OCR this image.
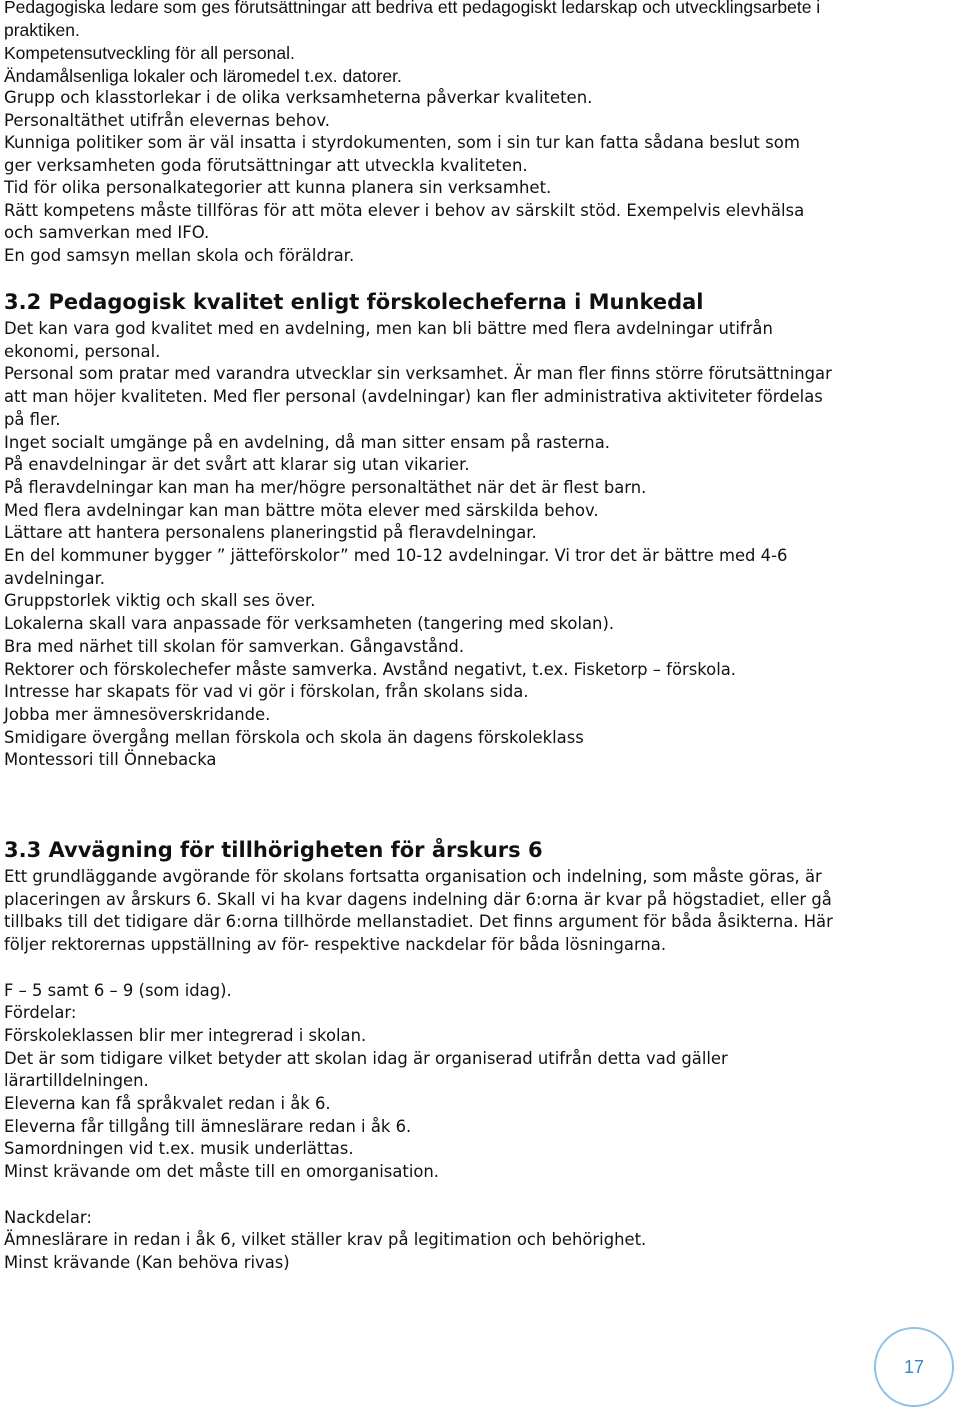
Pedagogiska ledare som ges förutsättningar att bedriva ett pedagogiskt ledarskap och utvecklingsarbete i praktiken.

Kompetensutveckling för all personal.

Ändamålsenliga lokaler och läromedel t.ex. datorer.

Grupp och klasstorlekar i de olika verksamheterna påverkar kvaliteten.

Personaltäthet utifrån elevernas behov.

Kunniga politiker som är väl insatta i styrdokumenten, som i sin tur kan fatta sådana beslut som ger verksamheten goda förutsättningar att utveckla kvaliteten.

Tid för olika personalkategorier att kunna planera sin verksamhet.

Rätt kompetens måste tillföras för att möta elever i behov av särskilt stöd. Exempelvis elevhälsa och samverkan med IFO.

En god samsyn mellan skola och föräldrar.

3.2 Pedagogisk kvalitet enligt förskolecheferna i Munkedal

Det kan vara god kvalitet med en avdelning, men kan bli bättre med flera avdelningar utifrån ekonomi, personal.

Personal som pratar med varandra utvecklar sin verksamhet. Är man fler finns större förutsättningar att man höjer kvaliteten. Med fler personal (avdelningar) kan fler administrativa aktiviteter fördelas på fler.

Inget socialt umgänge på en avdelning, då man sitter ensam på rasterna.

På enavdelningar är det svårt att klarar sig utan vikarier.

På fleravdelningar kan man ha mer/högre personaltäthet när det är flest barn.

Med flera avdelningar kan man bättre möta elever med särskilda behov.

Lättare att hantera personalens planeringstid på fleravdelningar.

En del kommuner bygger ” jätteförskolor” med 10-12 avdelningar. Vi tror det är bättre med 4-6 avdelningar.

Gruppstorlek viktig och skall ses över.

Lokalerna skall vara anpassade för verksamheten (tangering med skolan).

Bra med närhet till skolan för samverkan. Gångavstånd.

Rektorer och förskolechefer måste samverka. Avstånd negativt, t.ex. Fisketorp – förskola.

Intresse har skapats för vad vi gör i förskolan, från skolans sida.

Jobba mer ämnesöverskridande.

Smidigare övergång mellan förskola och skola än dagens förskoleklass

Montessori till Önnebacka

3.3 Avvägning för tillhörigheten för årskurs 6

Ett grundläggande avgörande för skolans fortsatta organisation och indelning, som måste göras, är placeringen av årskurs 6. Skall vi ha kvar dagens indelning där 6:orna är kvar på högstadiet, eller gå tillbaks till det tidigare där 6:orna tillhörde mellanstadiet. Det finns argument för båda åsikterna. Här följer rektorernas uppställning av för- respektive nackdelar för båda lösningarna.

F – 5 samt 6 – 9 (som idag).

Fördelar:

Förskoleklassen blir mer integrerad i skolan.

Det är som tidigare vilket betyder att skolan idag är organiserad utifrån detta vad gäller lärartilldelningen.

Eleverna kan få språkvalet redan i åk 6.

Eleverna får tillgång till ämneslärare redan i åk 6.

Samordningen vid t.ex. musik underlättas.

Minst krävande om det måste till en omorganisation.

Nackdelar:

Ämneslärare in redan i åk 6, vilket ställer krav på legitimation och behörighet.

Minst krävande (Kan behöva rivas)

17
